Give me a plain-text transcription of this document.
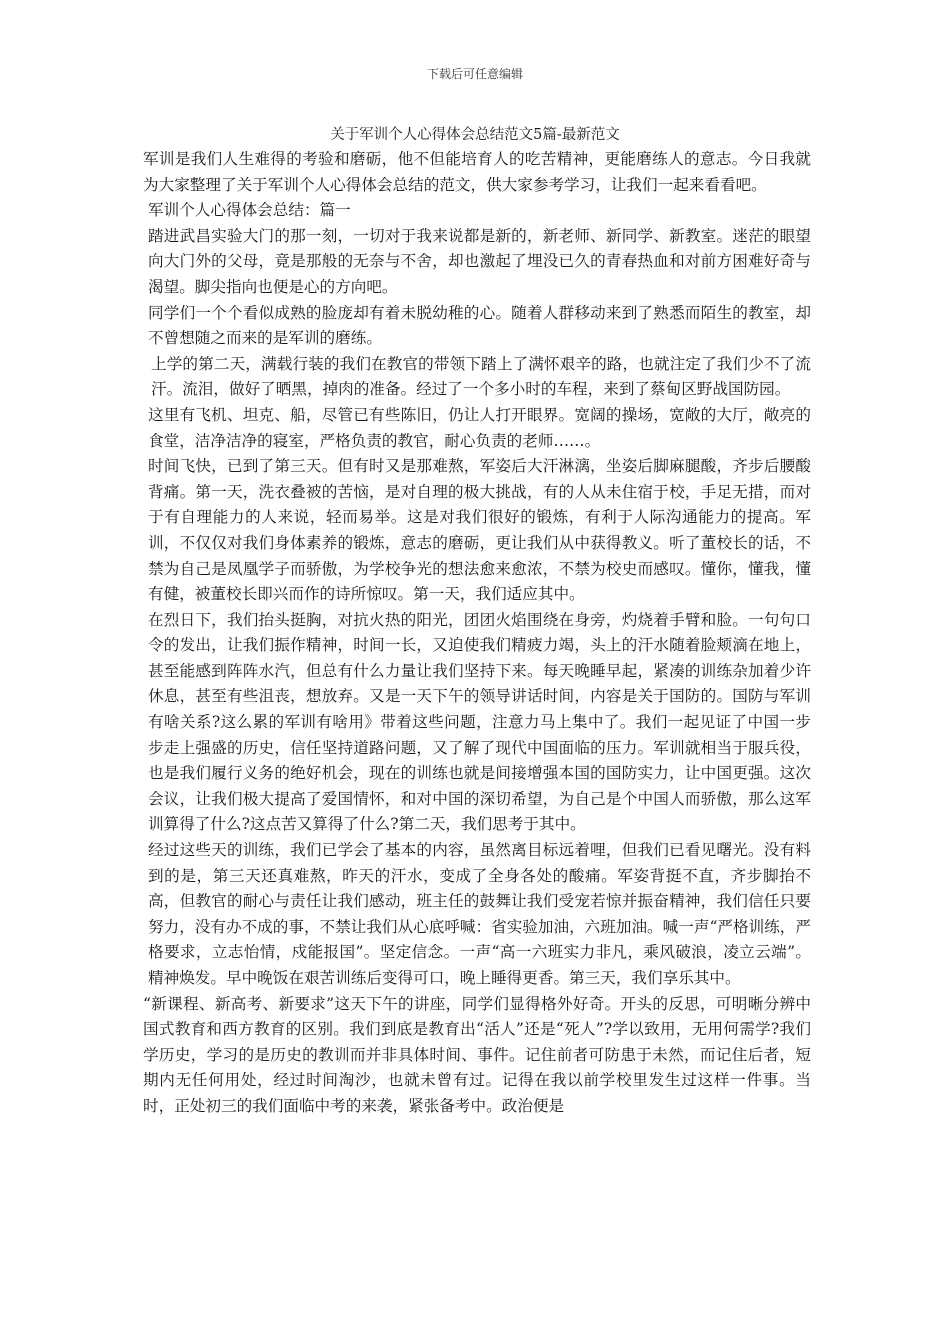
下载后可任意编辑
关于军训个人心得体会总结范文5篇-最新范文

军训是我们人生难得的考验和磨砺，他不但能培育人的吃苦精神，更能磨练人的意志。今日我就为大家整理了关于军训个人心得体会总结的范文，供大家参考学习，让我们一起来看看吧。

军训个人心得体会总结：篇一

踏进武昌实验大门的那一刻，一切对于我来说都是新的，新老师、新同学、新教室。迷茫的眼望向大门外的父母，竟是那般的无奈与不舍，却也激起了埋没已久的青春热血和对前方困难好奇与渴望。脚尖指向也便是心的方向吧。

同学们一个个看似成熟的脸庞却有着未脱幼稚的心。随着人群移动来到了熟悉而陌生的教室，却不曾想随之而来的是军训的磨练。

上学的第二天，满载行装的我们在教官的带领下踏上了满怀艰辛的路，也就注定了我们少不了流汗。流泪，做好了晒黑，掉肉的准备。经过了一个多小时的车程，来到了蔡甸区野战国防园。

这里有飞机、坦克、船，尽管已有些陈旧，仍让人打开眼界。宽阔的操场，宽敞的大厅，敞亮的食堂，洁净洁净的寝室，严格负责的教官，耐心负责的老师……。

时间飞快，已到了第三天。但有时又是那难熬，军姿后大汗淋漓，坐姿后脚麻腿酸，齐步后腰酸背痛。第一天，洗衣叠被的苦恼，是对自理的极大挑战，有的人从未住宿于校，手足无措，而对于有自理能力的人来说，轻而易举。这是对我们很好的锻炼，有利于人际沟通能力的提高。军训，不仅仅对我们身体素养的锻炼，意志的磨砺，更让我们从中获得教义。听了董校长的话，不禁为自己是凤凰学子而骄傲，为学校争光的想法愈来愈浓，不禁为校史而感叹。懂你，懂我，懂有健，被董校长即兴而作的诗所惊叹。第一天，我们适应其中。

在烈日下，我们抬头挺胸，对抗火热的阳光，团团火焰围绕在身旁，灼烧着手臂和脸。一句句口令的发出，让我们振作精神，时间一长，又迫使我们精疲力竭，头上的汗水随着脸颊滴在地上，甚至能感到阵阵水汽，但总有什么力量让我们坚持下来。每天晚睡早起，紧凑的训练杂加着少许休息，甚至有些沮丧，想放弃。又是一天下午的领导讲话时间，内容是关于国防的。国防与军训有啥关系?这么累的军训有啥用》带着这些问题，注意力马上集中了。我们一起见证了中国一步步走上强盛的历史，信任坚持道路问题，又了解了现代中国面临的压力。军训就相当于服兵役，也是我们履行义务的绝好机会，现在的训练也就是间接增强本国的国防实力，让中国更强。这次会议，让我们极大提高了爱国情怀，和对中国的深切希望，为自己是个中国人而骄傲，那么这军训算得了什么?这点苦又算得了什么?第二天，我们思考于其中。

经过这些天的训练，我们已学会了基本的内容，虽然离目标远着哩，但我们已看见曙光。没有料到的是，第三天还真难熬，昨天的汗水，变成了全身各处的酸痛。军姿背挺不直，齐步脚抬不高，但教官的耐心与责任让我们感动，班主任的鼓舞让我们受宠若惊并振奋精神，我们信任只要努力，没有办不成的事，不禁让我们从心底呼喊：省实验加油，六班加油。喊一声“严格训练，严格要求，立志怡情，戍能报国”。坚定信念。一声“高一六班实力非凡，乘风破浪，凌立云端”。精神焕发。早中晚饭在艰苦训练后变得可口，晚上睡得更香。第三天，我们享乐其中。

“新课程、新高考、新要求”这天下午的讲座，同学们显得格外好奇。开头的反思，可明晰分辨中国式教育和西方教育的区别。我们到底是教育出“活人”还是“死人”?学以致用，无用何需学?我们学历史，学习的是历史的教训而并非具体时间、事件。记住前者可防患于未然，而记住后者，短期内无任何用处，经过时间淘沙，也就未曾有过。记得在我以前学校里发生过这样一件事。当时，正处初三的我们面临中考的来袭，紧张备考中。政治便是
